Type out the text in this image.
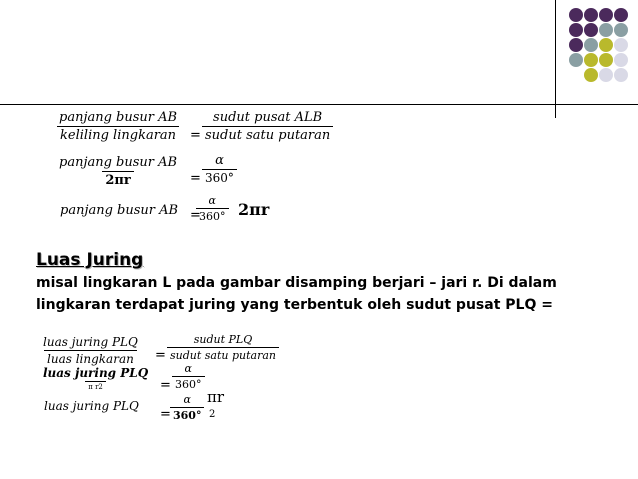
panjang busur AB
keliling lingkaran =
sudut pusat ALB
sudut satu putaran
panjang busur AB
2πr	= $\frac{\alpha}{360^\circ}$
panjang busur AB =
$\frac{\alpha}{360^\circ} 2\pi r$
Luas Juring
misal lingkaran L pada gambar disamping berjari – jari r. Di dalam
lingkaran terdapat juring yang terbentuk oleh sudut pusat PLQ =
luas juring PLQ
luas lingkaran =
sudut PLQ
sudut satu putaran
luas juring PLQ
π r2	= $\frac{\alpha}{360^\circ}$
luas juring PLQ
= $\frac{\alpha}{360^\circ}$ πr
2
